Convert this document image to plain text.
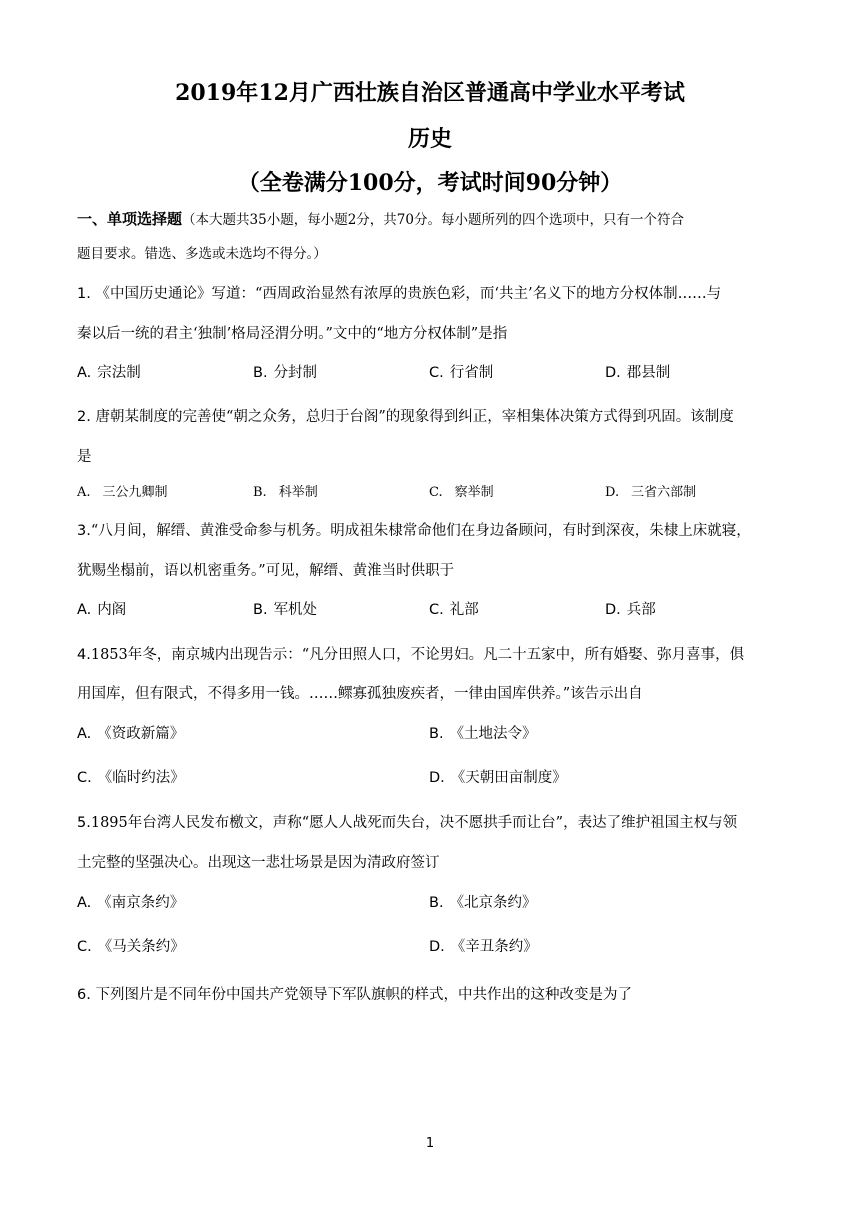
2019年12月广西壮族自治区普通高中学业水平考试
历史
（全卷满分100分，考试时间90分钟）
一、单项选择题（本大题共35小题，每小题2分，共70分。每小题所列的四个选项中，只有一个符合
题目要求。错选、多选或未选均不得分。）
1. 《中国历史通论》写道：“西周政治显然有浓厚的贵族色彩，而‘共主’名义下的地方分权体制……与
秦以后一统的君主‘独制’格局泾渭分明。”文中的“地方分权体制”是指
A. 宗法制	B. 分封制	C. 行省制	D. 郡县制
2. 唐朝某制度的完善使“朝之众务，总归于台阁”的现象得到纠正，宰相集体决策方式得到巩固。该制度
是
A. 三公九卿制	B. 科举制	C. 察举制	D. 三省六部制
3.“八月间，解缙、黄淮受命参与机务。明成祖朱棣常命他们在身边备顾问，有时到深夜，朱棣上床就寝，
犹赐坐榻前，语以机密重务。”可见，解缙、黄淮当时供职于
A. 内阁	B. 军机处	C. 礼部	D. 兵部
4.1853年冬，南京城内出现告示：“凡分田照人口，不论男妇。凡二十五家中，所有婚娶、弥月喜事，俱
用国库，但有限式，不得多用一钱。……鳏寡孤独废疾者，一律由国库供养。”该告示出自
A. 《资政新篇》	B. 《土地法令》
C. 《临时约法》	D. 《天朝田亩制度》
5.1895年台湾人民发布檄文，声称“愿人人战死而失台，决不愿拱手而让台”，表达了维护祖国主权与领
土完整的坚强决心。出现这一悲壮场景是因为清政府签订
A. 《南京条约》	B. 《北京条约》
C. 《马关条约》	D. 《辛丑条约》
6. 下列图片是不同年份中国共产党领导下军队旗帜的样式，中共作出的这种改变是为了
1
